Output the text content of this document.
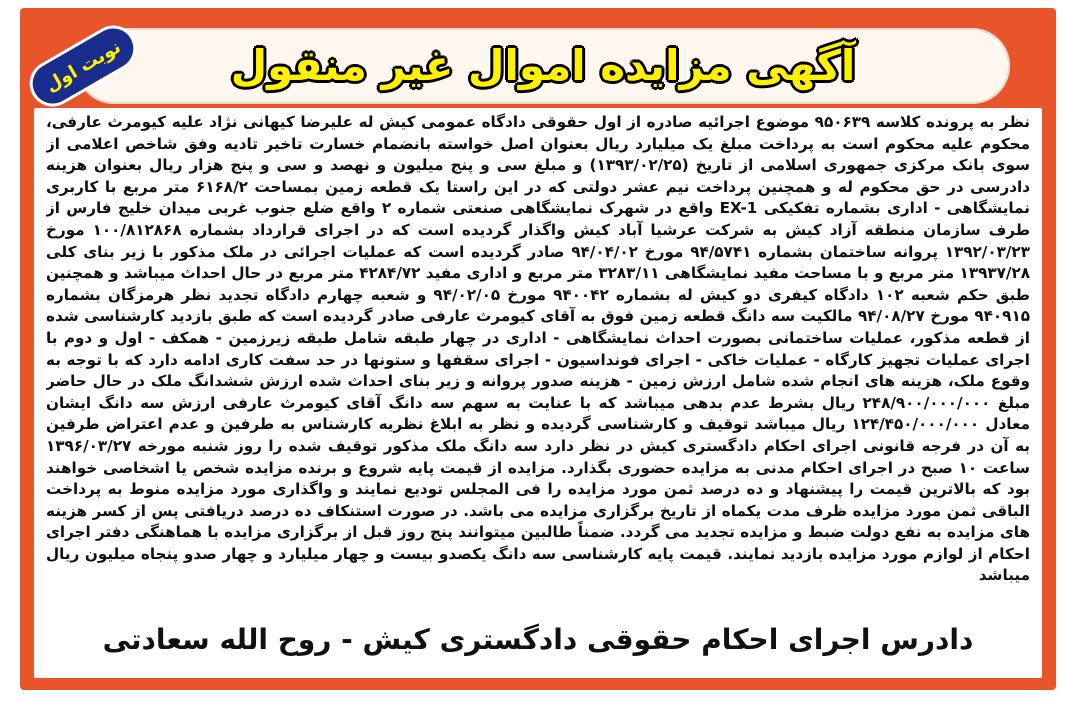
آگهی مزایده اموال غیر منقول
نوبت اول
نظر به پرونده کلاسه ۹۵۰۶۳۹ موضوع اجرائیه صادره از اول حقوقی دادگاه عمومی کیش له علیرضا کیهانی نژاد علیه کیومرث عارفی، محکوم علیه محکوم است به پرداخت مبلغ یک میلیارد ریال بعنوان اصل خواسته بانضمام خسارت تاخیر تادیه وفق شاخص اعلامی از سوی بانک مرکزی جمهوری اسلامی از تاریخ (۱۳۹۳/۰۲/۲۵) و مبلغ سی و پنج میلیون و نهصد و سی و پنج هزار ریال بعنوان هزینه دادرسی در حق محکوم له و همچنین پرداخت نیم عشر دولتی که در این راستا یک قطعه زمین بمساحت ۶۱۶۸/۲ متر مربع با کاربری نمایشگاهی - اداری بشماره تفکیکی EX-1 واقع در شهرک نمایشگاهی صنعتی شماره ۲ واقع ضلع جنوب غربی میدان خلیج فارس از طرف سازمان منطقه آزاد کیش به شرکت عرشیا آباد کیش واگذار گردیده است که در اجرای قرارداد بشماره ۱۰۰/۸۱۲۸۶۸ مورخ ۱۳۹۲/۰۳/۲۳ پروانه ساختمان بشماره ۹۴/۵۷۴۱ مورخ ۹۴/۰۴/۰۲ صادر گردیده است که عملیات اجرائی در ملک مذکور با زیر بنای کلی ۱۳۹۳۷/۲۸ متر مربع و با مساحت مفید نمایشگاهی ۳۲۸۳/۱۱ متر مربع و اداری مفید ۴۲۸۴/۷۲ متر مربع در حال احداث میباشد و همچنین طبق حکم شعبه ۱۰۲ دادگاه کیفری دو کیش له بشماره ۹۴۰۰۴۲ مورخ ۹۴/۰۲/۰۵ و شعبه چهارم دادگاه تجدید نظر هرمزگان بشماره ۹۴۰۹۱۵ مورخ ۹۴/۰۸/۲۷ مالکیت سه دانگ قطعه زمین فوق به آقای کیومرث عارفی صادر گردیده است که طبق بازدید کارشناسی شده از قطعه مذکور، عملیات ساختمانی بصورت احداث نمایشگاهی - اداری در چهار طبقه شامل طبقه زیرزمین - همکف - اول و دوم با اجرای عملیات تجهیز کارگاه - عملیات خاکی - اجرای فونداسیون - اجرای سقفها و ستونها در حد سفت کاری ادامه دارد که با توجه به وقوع ملک، هزینه های انجام شده شامل ارزش زمین - هزینه صدور پروانه و زیر بنای احداث شده ارزش ششدانگ ملک در حال حاضر مبلغ ۲۴۸/۹۰۰/۰۰۰/۰۰۰ ریال بشرط عدم بدهی میباشد که با عنایت به سهم سه دانگ آقای کیومرث عارفی ارزش سه دانگ ایشان معادل ۱۲۴/۴۵۰/۰۰۰/۰۰۰ ریال میباشد توقیف و کارشناسی گردیده و نظر به ابلاغ نظریه کارشناس به طرفین و عدم اعتراض طرفین به آن در فرجه قانونی اجرای احکام دادگستری کیش در نظر دارد سه دانگ ملک مذکور توقیف شده را روز شنبه مورخه ۱۳۹۶/۰۳/۲۷ ساعت ۱۰ صبح در اجرای احکام مدنی به مزایده حضوری بگذارد. مزایده از قیمت پایه شروع و برنده مزایده شخص یا اشخاصی خواهند بود که بالاترین قیمت را پیشنهاد و ده درصد ثمن مورد مزایده را فی المجلس تودیع نمایند و واگذاری مورد مزایده منوط به پرداخت الباقی ثمن مورد مزایده ظرف مدت یکماه از تاریخ برگزاری مزایده می باشد. در صورت استنکاف ده درصد دریافتی پس از کسر هزینه های مزایده به نفع دولت ضبط و مزایده تجدید می گردد. ضمناً طالبین میتوانند پنج روز قبل از برگزاری مزایده با هماهنگی دفتر اجرای احکام از لوازم مورد مزایده بازدید نمایند. قیمت پایه کارشناسی سه دانگ یکصدو بیست و چهار میلیارد و چهار صدو پنجاه میلیون ریال میباشد
دادرس اجرای احکام حقوقی دادگستری کیش - روح الله سعادتی
